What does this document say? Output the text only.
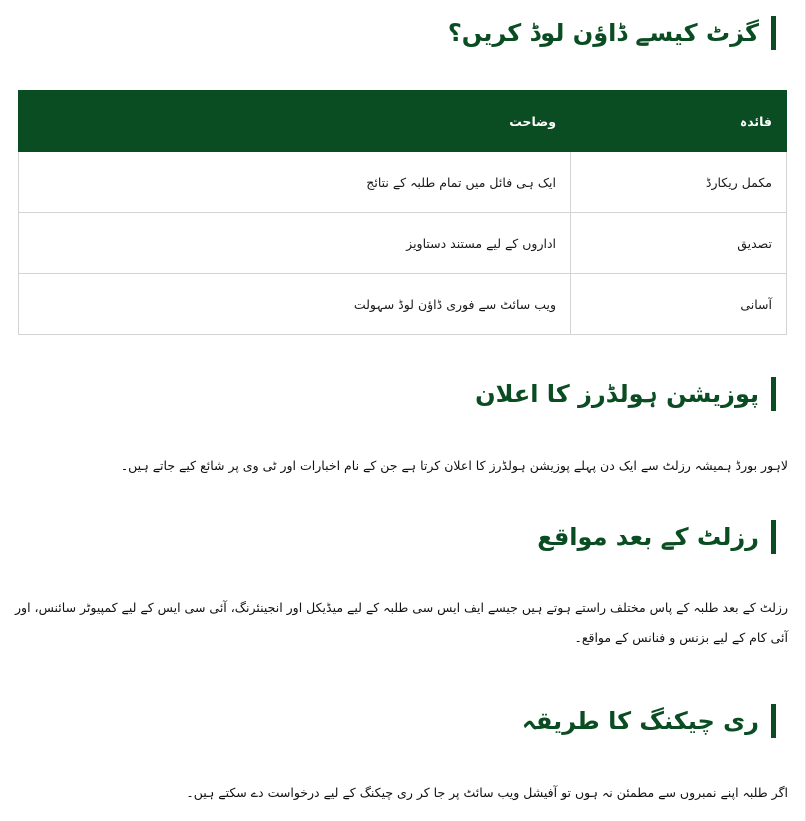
گزٹ کیسے ڈاؤن لوڈ کریں؟
فائدہ	وضاحت
مکمل ریکارڈ	ایک ہی فائل میں تمام طلبہ کے نتائج
تصدیق	اداروں کے لیے مستند دستاویز
آسانی	ویب سائٹ سے فوری ڈاؤن لوڈ سہولت
پوزیشن ہولڈرز کا اعلان

لاہور بورڈ ہمیشہ رزلٹ سے ایک دن پہلے پوزیشن ہولڈرز کا اعلان کرتا ہے جن کے نام اخبارات اور ٹی وی پر شائع کیے جاتے ہیں۔

رزلٹ کے بعد مواقع

رزلٹ کے بعد طلبہ کے پاس مختلف راستے ہوتے ہیں جیسے ایف ایس سی طلبہ کے لیے میڈیکل اور انجینئرنگ، آئی سی ایس کے لیے کمپیوٹر سائنس، اور آئی کام کے لیے بزنس و فنانس کے مواقع۔

ری چیکنگ کا طریقہ

اگر طلبہ اپنے نمبروں سے مطمئن نہ ہوں تو آفیشل ویب سائٹ پر جا کر ری چیکنگ کے لیے درخواست دے سکتے ہیں۔
